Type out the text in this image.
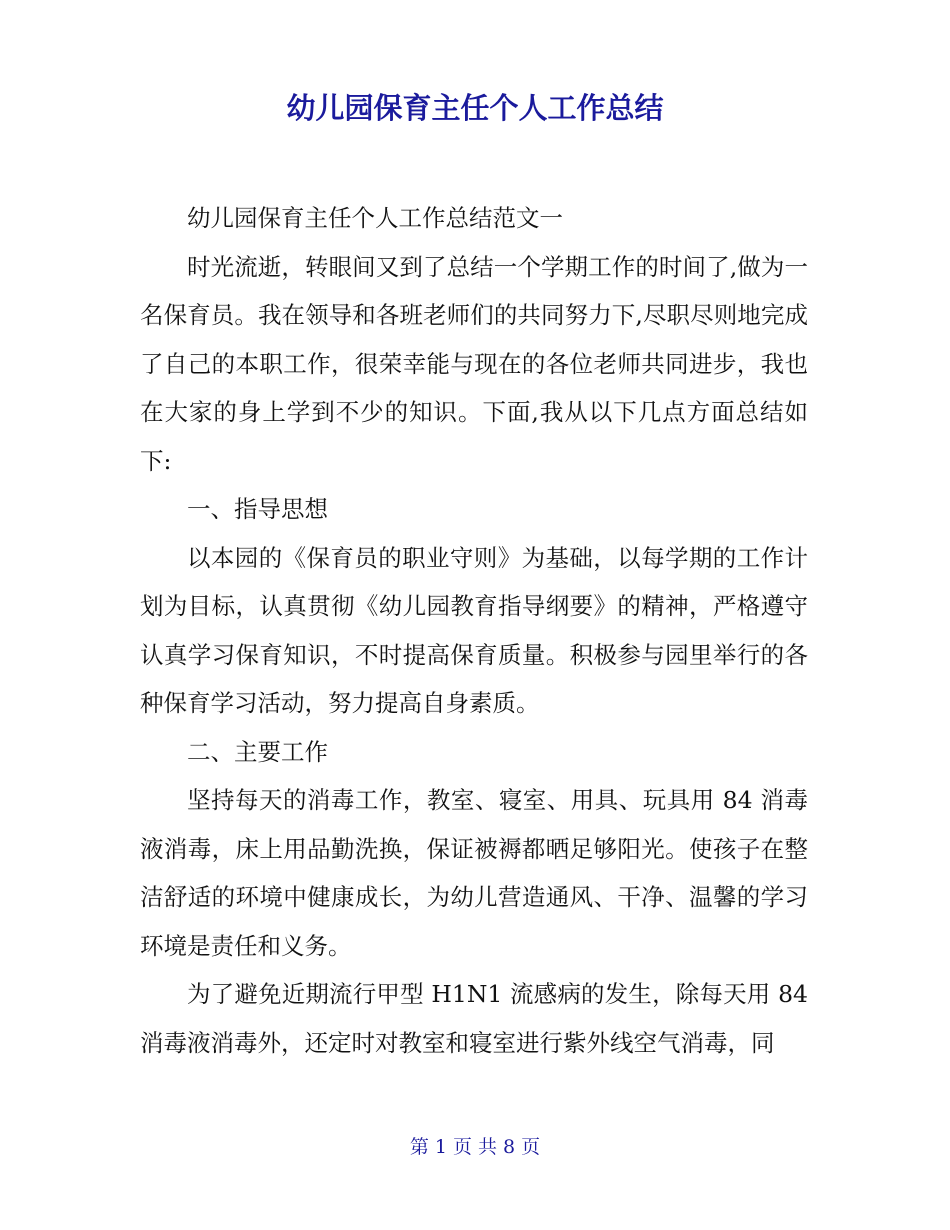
幼儿园保育主任个人工作总结

幼儿园保育主任个人工作总结范文一

时光流逝，转眼间又到了总结一个学期工作的时间了,做为一名保育员。我在领导和各班老师们的共同努力下,尽职尽则地完成了自己的本职工作，很荣幸能与现在的各位老师共同进步，我也在大家的身上学到不少的知识。下面,我从以下几点方面总结如下:

一、指导思想

以本园的《保育员的职业守则》为基础，以每学期的工作计划为目标，认真贯彻《幼儿园教育指导纲要》的精神，严格遵守认真学习保育知识，不时提高保育质量。积极参与园里举行的各种保育学习活动，努力提高自身素质。

二、主要工作

坚持每天的消毒工作，教室、寝室、用具、玩具用 84 消毒液消毒，床上用品勤洗换，保证被褥都晒足够阳光。使孩子在整洁舒适的环境中健康成长，为幼儿营造通风、干净、温馨的学习环境是责任和义务。

为了避免近期流行甲型 H1N1 流感病的发生，除每天用 84 消毒液消毒外，还定时对教室和寝室进行紫外线空气消毒，同

第 1 页 共 8 页
